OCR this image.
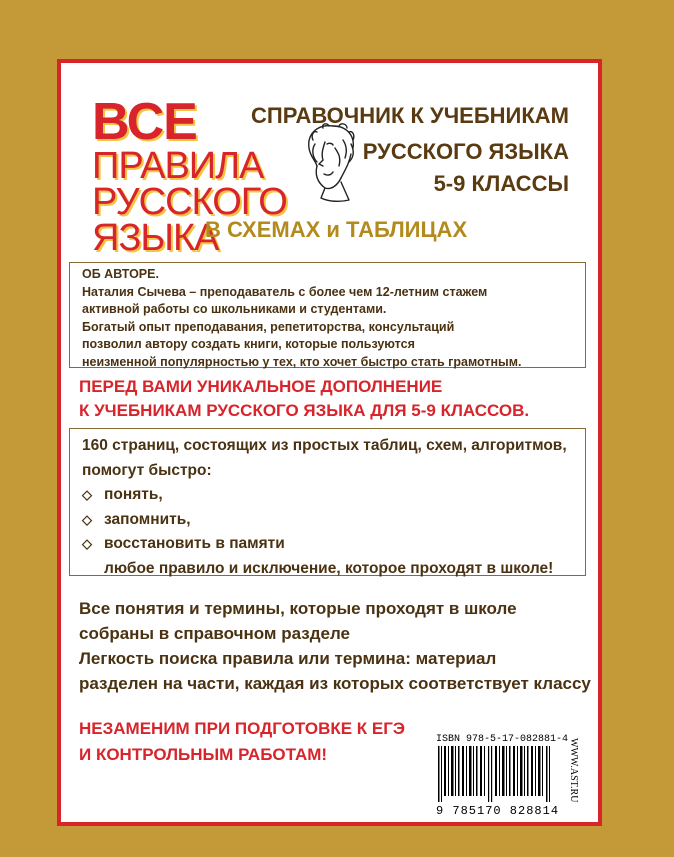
ВСЕ
ПРАВИЛА
РУССКОГО
ЯЗЫКА
В СХЕМАХ и ТАБЛИЦАХ
СПРАВОЧНИК К УЧЕБНИКАМ
РУССКОГО ЯЗЫКА
5-9 КЛАССЫ
ОБ АВТОРЕ.
Наталия Сычева – преподаватель с более чем 12-летним стажем
активной работы со школьниками и студентами.
Богатый опыт преподавания, репетиторства, консультаций
позволил автору создать книги, которые пользуются
неизменной популярностью у тех, кто хочет быстро стать грамотным.
ПЕРЕД ВАМИ УНИКАЛЬНОЕ ДОПОЛНЕНИЕ
К УЧЕБНИКАМ РУССКОГО ЯЗЫКА ДЛЯ 5-9 КЛАССОВ.
160 страниц, состоящих из простых таблиц, схем, алгоритмов,
помогут быстро:
◇ понять,
◇ запомнить,
◇ восстановить в памяти
любое правило и исключение, которое проходят в школе!
Все понятия и термины, которые проходят в школе
собраны в справочном разделе
Легкость поиска правила или термина: материал
разделен на части, каждая из которых соответствует классу
НЕЗАМЕНИМ ПРИ ПОДГОТОВКЕ К ЕГЭ
И КОНТРОЛЬНЫМ РАБОТАМ!
ISBN 978-5-17-082881-4
9 785170 828814
WWW.AST.RU
